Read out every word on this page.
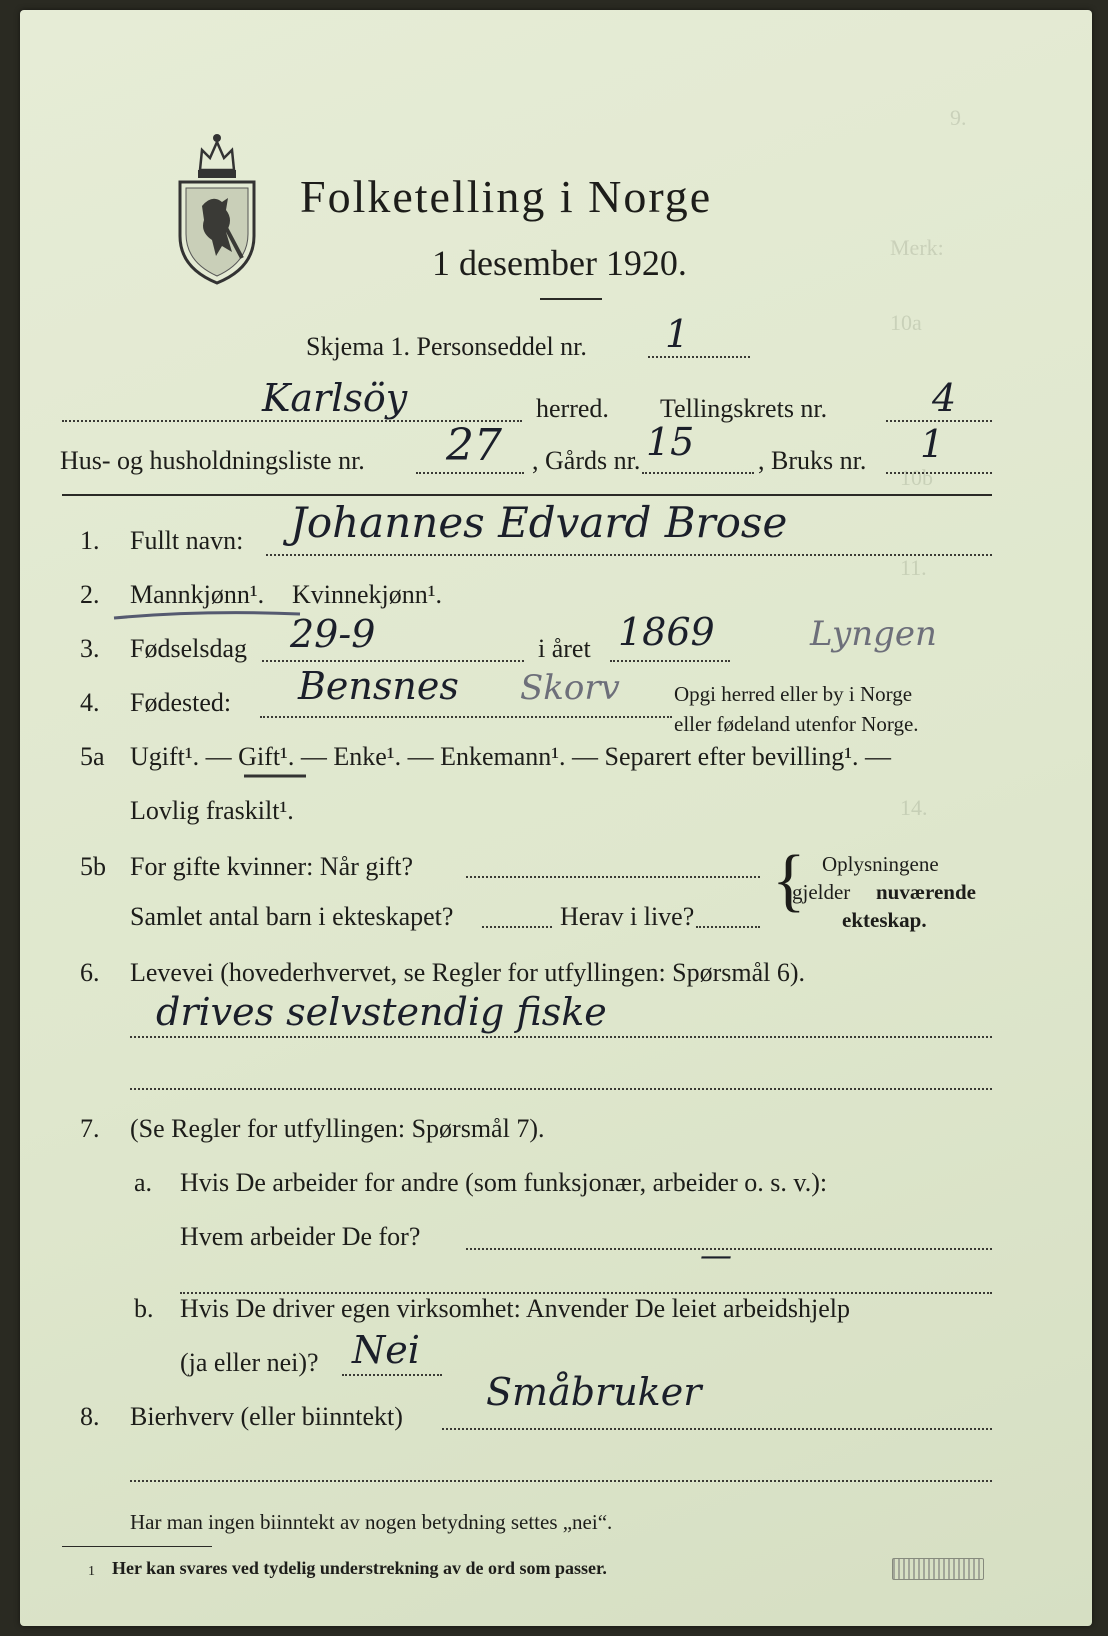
9.
Merk:
10a
10b
11.
14.
Folketelling i Norge
1 desember 1920.
Skjema 1. Personseddel nr. 1
Karlsöy	herred. Tellingskrets nr.	4
Hus- og husholdningsliste nr. 27 , Gårds nr. 15 , Bruks nr. 1
1. Fullt navn: Johannes Edvard Brose
2. Mannkjønn¹. Kvinnekjønn¹.
3. Fødselsdag 29-9	i året 1869	Lyngen
4. Fødested: Bensnes Skorv	Opgi herred eller by i Norge
eller fødeland utenfor Norge.
5a Ugift¹. — Gift¹. — Enke¹. — Enkemann¹. — Separert efter bevilling¹. —
Lovlig fraskilt¹.
5b For gifte kvinner: Når gift?
Samlet antal barn i ekteskapet?	Herav i live? { Oplysningene
gjelder nuværende
ekteskap.
6. Levevei (hovederhvervet, se Regler for utfyllingen: Spørsmål 6).
drives selvstendig fiske
7. (Se Regler for utfyllingen: Spørsmål 7).
a. Hvis De arbeider for andre (som funksjonær, arbeider o. s. v.):
Hvem arbeider De for?	—
b. Hvis De driver egen virksomhet: Anvender De leiet arbeidshjelp
(ja eller nei)? Nei
8. Bierhverv (eller biinntekt)
Småbruker
Har man ingen biinntekt av nogen betydning settes „nei“.
1 Her kan svares ved tydelig understrekning av de ord som passer.
